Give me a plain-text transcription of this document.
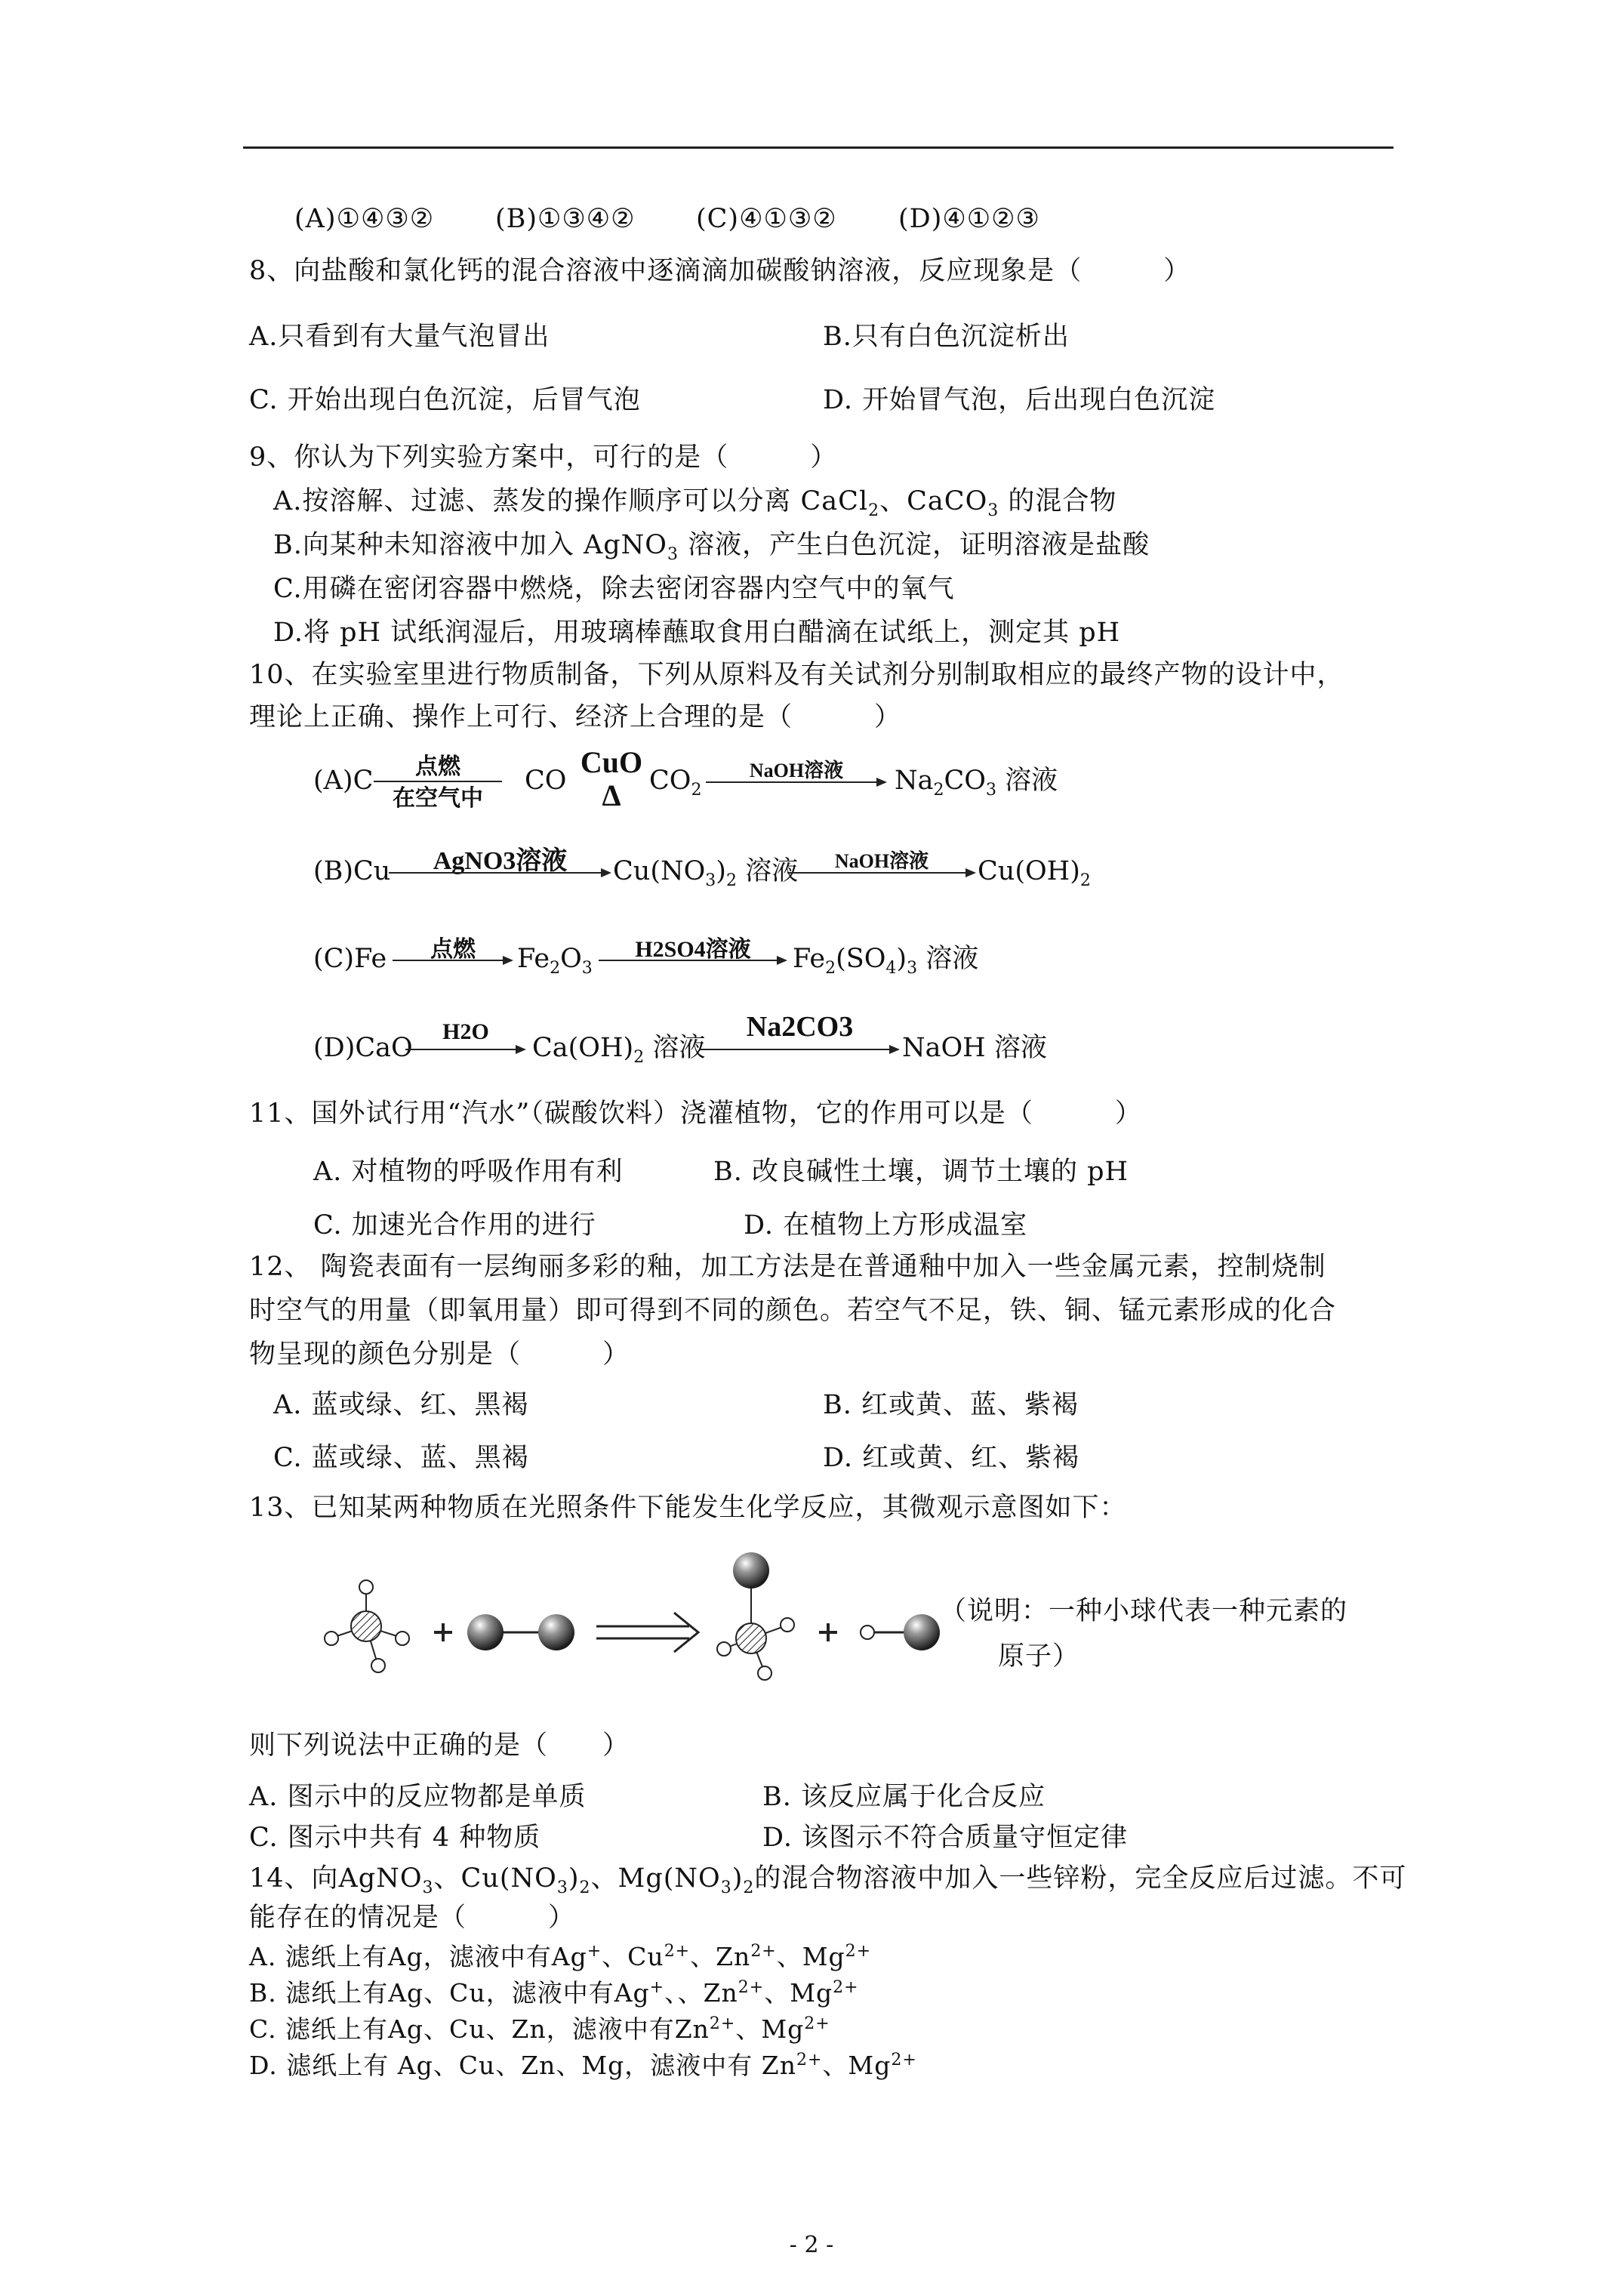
(A)①④③② (B)①③④② (C)④①③② (D)④①②③
8、向盐酸和氯化钙的混合溶液中逐滴滴加碳酸钠溶液，反应现象是（　　　）
A.只看到有大量气泡冒出	B.只有白色沉淀析出
C. 开始出现白色沉淀，后冒气泡	D. 开始冒气泡，后出现白色沉淀
9、你认为下列实验方案中，可行的是（　　　）
A.按溶解、过滤、蒸发的操作顺序可以分离 CaCl$_2$、CaCO$_3$ 的混合物
B.向某种未知溶液中加入 AgNO$_3$ 溶液，产生白色沉淀，证明溶液是盐酸
C.用磷在密闭容器中燃烧，除去密闭容器内空气中的氧气
D.将 pH 试纸润湿后，用玻璃棒蘸取食用白醋滴在试纸上，测定其 pH
10、在实验室里进行物质制备，下列从原料及有关试剂分别制取相应的最终产物的设计中，
理论上正确、操作上可行、经济上合理的是（　　　）
(A)C	点燃
在空气中
CO
CuO
Δ	$CO_2$
NaOH溶液	$Na_2CO_3$ 溶液
(B)Cu	AgNO3溶液	$Cu(NO_3)_2$ 溶液	NaOH溶液	$Cu(OH)_2$
(C)Fe	点燃	$Fe_2O_3$
H2SO4溶液	$Fe_2(SO_4)_3$ 溶液
(D)CaO
H2O
$Ca(OH)_2$ 溶液
Na2CO3
NaOH 溶液
11、国外试行用“汽水”（碳酸饮料）浇灌植物，它的作用可以是（　　　）
A. 对植物的呼吸作用有利	B. 改良碱性土壤，调节土壤的 pH
C. 加速光合作用的进行	D. 在植物上方形成温室
12、 陶瓷表面有一层绚丽多彩的釉，加工方法是在普通釉中加入一些金属元素，控制烧制
时空气的用量（即氧用量）即可得到不同的颜色。若空气不足，铁、铜、锰元素形成的化合
物呈现的颜色分别是（　　　）
A. 蓝或绿、红、黑褐	B. 红或黄、蓝、紫褐
C. 蓝或绿、蓝、黑褐	D. 红或黄、红、紫褐
13、已知某两种物质在光照条件下能发生化学反应，其微观示意图如下：
（说明：一种小球代表一种元素的
原子）
则下列说法中正确的是（　　）
A. 图示中的反应物都是单质	B. 该反应属于化合反应
C. 图示中共有 4 种物质	D. 该图示不符合质量守恒定律
14、向AgNO$_3$、$Cu(NO_3)_2$、$Mg(NO_3)_2$的混合物溶液中加入一些锌粉，完全反应后过滤。不可
能存在的情况是（　　　）
A. 滤纸上有Ag，滤液中有Ag+、$Cu^{2+}$、$Zn^{2+}$、$Mg^{2+}$
B. 滤纸上有Ag、Cu，滤液中有Ag+、、$Zn^{2+}$、$Mg^{2+}$
C. 滤纸上有Ag、Cu、Zn，滤液中有$Zn^{2+}$、$Mg^{2+}$
D. 滤纸上有 Ag、Cu、Zn、Mg，滤液中有 $Zn^{2+}$、$Mg^{2+}$
- 2 -
